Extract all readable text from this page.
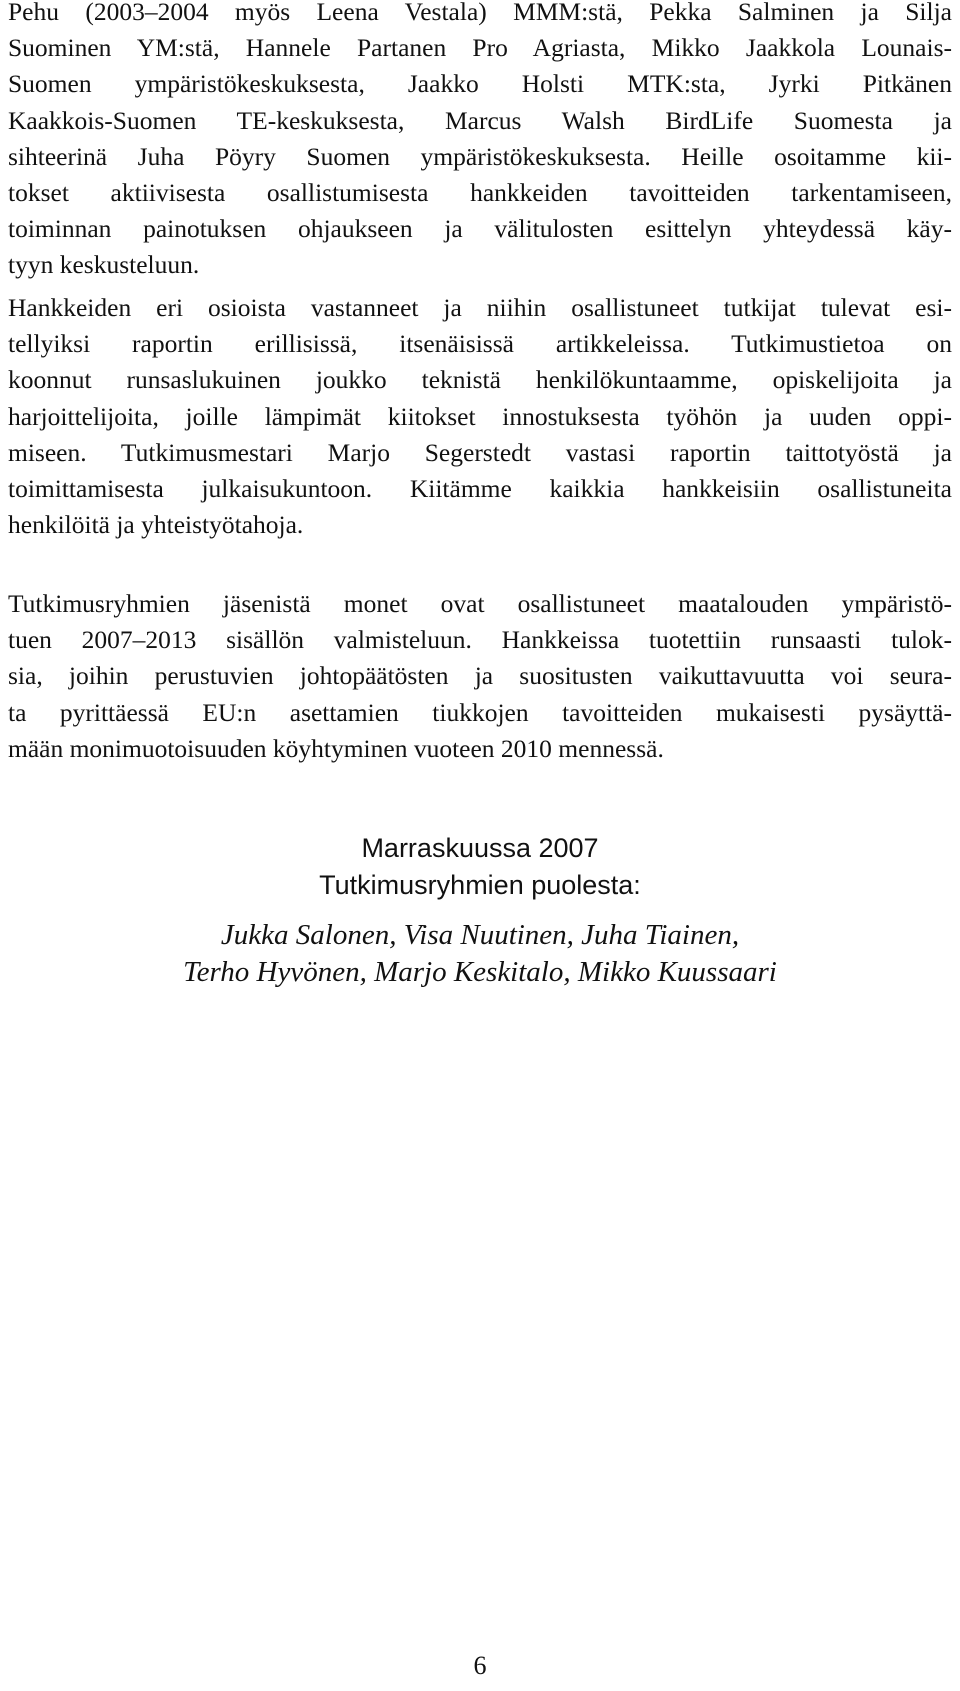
Pehu (2003–2004 myös Leena Vestala) MMM:stä, Pekka Salminen ja Silja
Suominen YM:stä, Hannele Partanen Pro Agriasta, Mikko Jaakkola Lounais-
Suomen ympäristökeskuksesta, Jaakko Holsti MTK:sta, Jyrki Pitkänen
Kaakkois-Suomen TE-keskuksesta, Marcus Walsh BirdLife Suomesta ja
sihteerinä Juha Pöyry Suomen ympäristökeskuksesta. Heille osoitamme kii-
tokset aktiivisesta osallistumisesta hankkeiden tavoitteiden tarkentamiseen,
toiminnan painotuksen ohjaukseen ja välitulosten esittelyn yhteydessä käy-
tyyn keskusteluun.

Hankkeiden eri osioista vastanneet ja niihin osallistuneet tutkijat tulevat esi-
tellyiksi raportin erillisissä, itsenäisissä artikkeleissa. Tutkimustietoa on
koonnut runsaslukuinen joukko teknistä henkilökuntaamme, opiskelijoita ja
harjoittelijoita, joille lämpimät kiitokset innostuksesta työhön ja uuden oppi-
miseen. Tutkimusmestari Marjo Segerstedt vastasi raportin taittotyöstä ja
toimittamisesta julkaisukuntoon. Kiitämme kaikkia hankkeisiin osallistuneita
henkilöitä ja yhteistyötahoja.

Tutkimusryhmien jäsenistä monet ovat osallistuneet maatalouden ympäristö-
tuen 2007–2013 sisällön valmisteluun. Hankkeissa tuotettiin runsaasti tulok-
sia, joihin perustuvien johtopäätösten ja suositusten vaikuttavuutta voi seura-
ta pyrittäessä EU:n asettamien tiukkojen tavoitteiden mukaisesti pysäyttä-
mään monimuotoisuuden köyhtyminen vuoteen 2010 mennessä.

Marraskuussa 2007
Tutkimusryhmien puolesta:
Jukka Salonen, Visa Nuutinen, Juha Tiainen,
Terho Hyvönen, Marjo Keskitalo, Mikko Kuussaari
6
